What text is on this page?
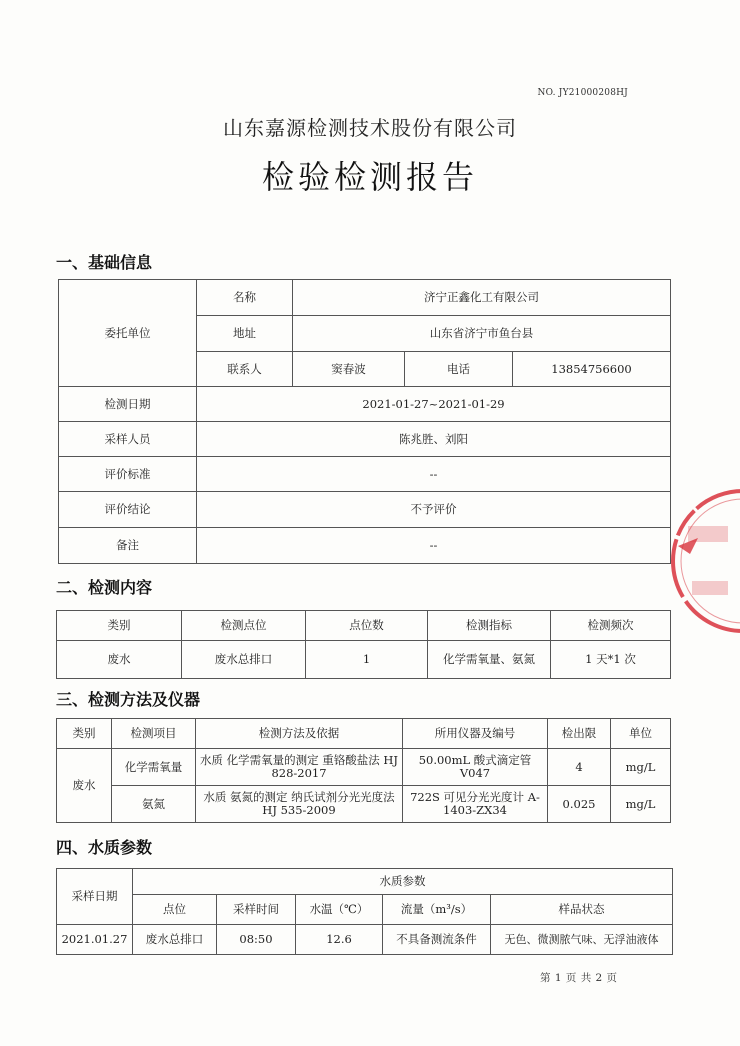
NO. JY21000208HJ
山东嘉源检测技术股份有限公司
检验检测报告
一、基础信息
委托单位	名称	济宁正鑫化工有限公司		
	地址	山东省济宁市鱼台县		
	联系人	窦春波	电话	13854756600
检测日期	2021-01-27~2021-01-29			
采样人员	陈兆胜、刘阳			
评价标准	--			
评价结论	不予评价			
备注	--			
二、检测内容
类别	检测点位	点位数	检测指标	检测频次
废水	废水总排口	1	化学需氧量、氨氮	1 天*1 次
三、检测方法及仪器
类别	检测项目	检测方法及依据	所用仪器及编号	检出限	单位
废水	化学需氧量	水质 化学需氧量的测定 重铬酸盐法 HJ 828-2017	50.00mL 酸式滴定管 V047	4	mg/L
	氨氮	水质 氨氮的测定 纳氏试剂分光光度法 HJ 535-2009	722S 可见分光光度计 A-1403-ZX34	0.025	mg/L
四、水质参数
采样日期	水质参数				
	点位	采样时间	水温（℃）	流量（m³/s）	样品状态
2021.01.27	废水总排口	08:50	12.6	不具备测流条件	无色、微测脓气味、无浮油液体
第 1 页 共 2 页
